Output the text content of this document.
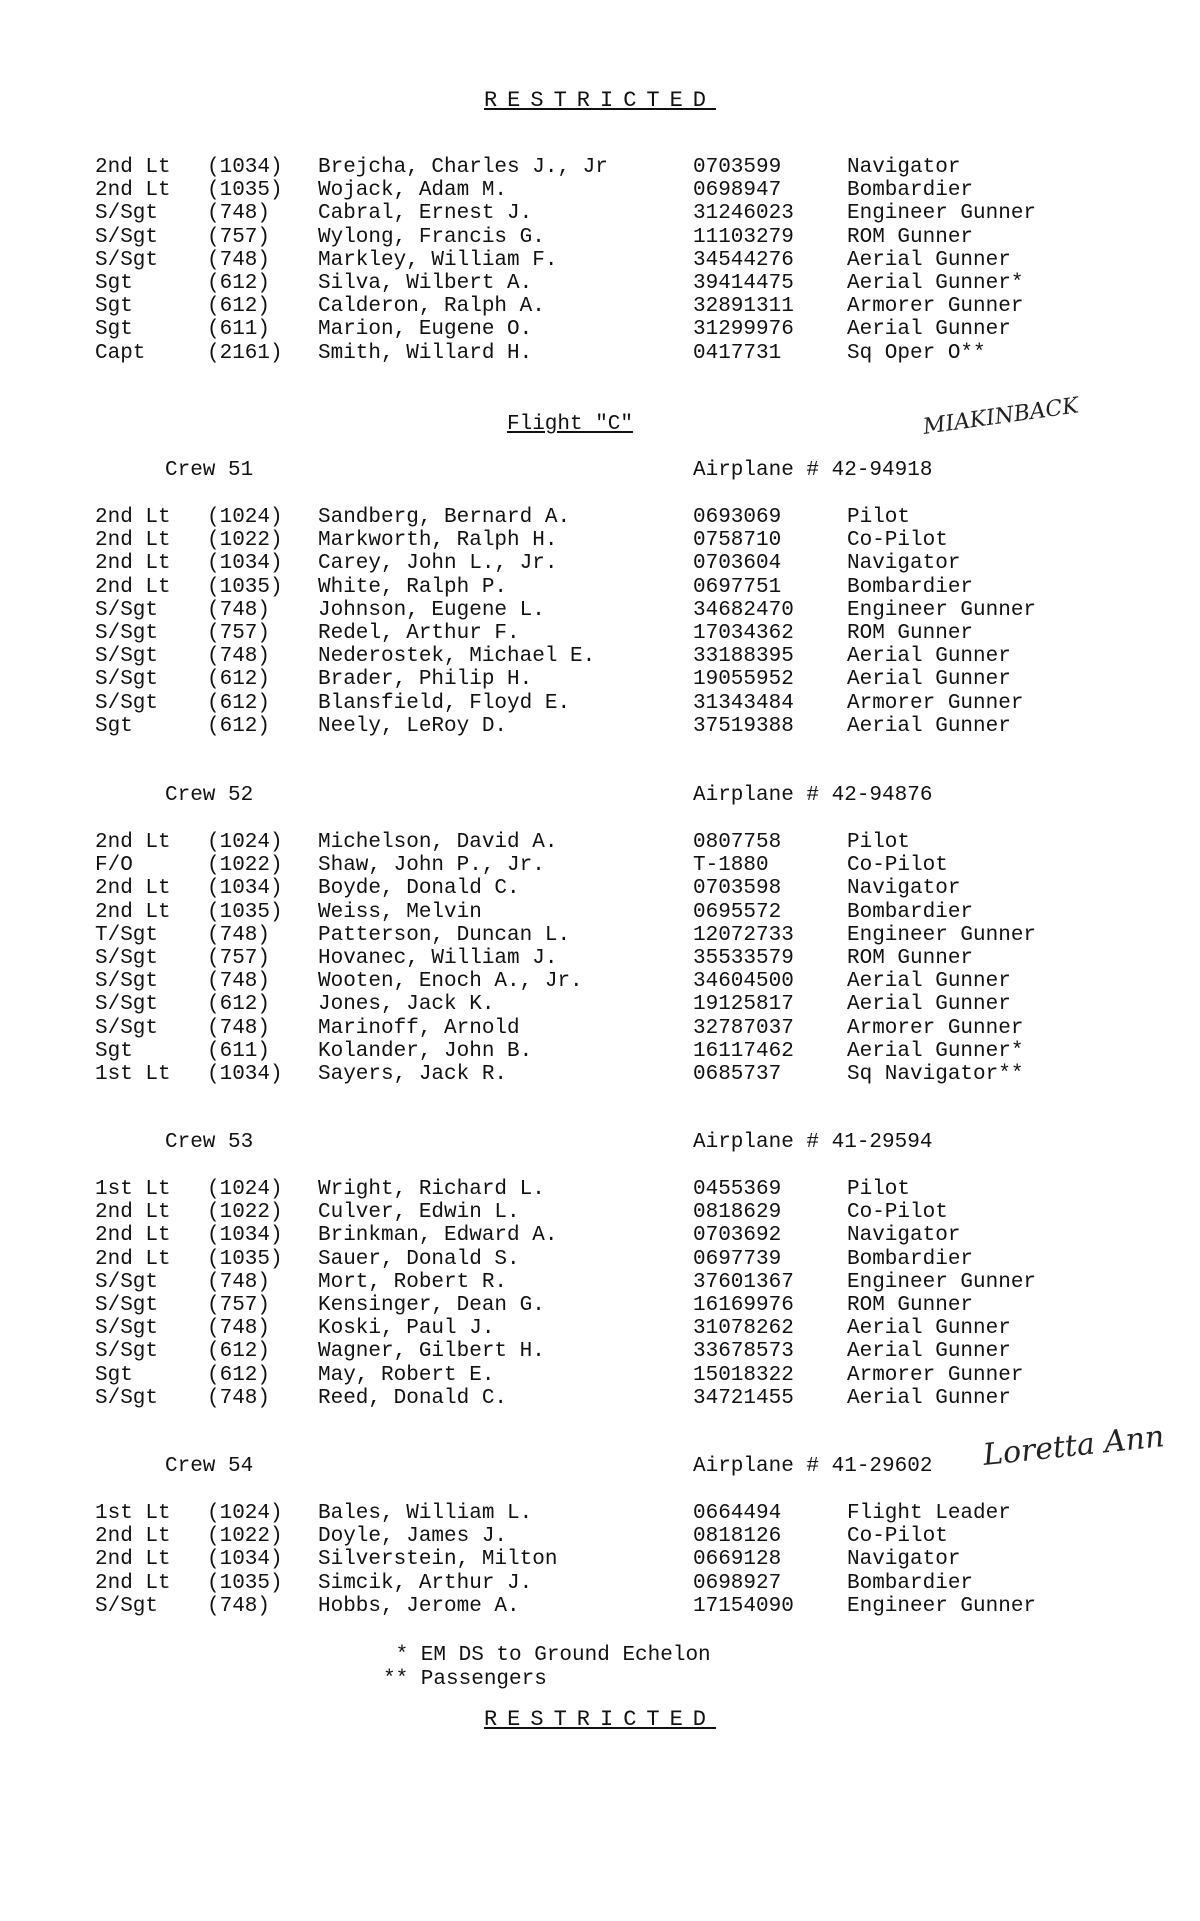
RESTRICTED
2nd Lt (1034) Brejcha, Charles J., Jr	0703599	Navigator
2nd Lt (1035) Wojack, Adam M.	0698947	Bombardier
S/Sgt (748) Cabral, Ernest J.	31246023	Engineer Gunner
S/Sgt (757) Wylong, Francis G.	11103279	ROM Gunner
S/Sgt (748) Markley, William F.	34544276	Aerial Gunner
Sgt	(612) Silva, Wilbert A.	39414475	Aerial Gunner*
Sgt	(612) Calderon, Ralph A.	32891311	Armorer Gunner
Sgt	(611) Marion, Eugene O.	31299976	Aerial Gunner
Capt	(2161) Smith, Willard H.	0417731	Sq Oper O**
Flight "C"
Crew 51	Airplane # 42-94918
MIAKINBACK
2nd Lt (1024) Sandberg, Bernard A.	0693069	Pilot
2nd Lt (1022) Markworth, Ralph H.	0758710	Co-Pilot
2nd Lt (1034) Carey, John L., Jr.	0703604	Navigator
2nd Lt (1035) White, Ralph P.	0697751	Bombardier
S/Sgt (748) Johnson, Eugene L.	34682470	Engineer Gunner
S/Sgt (757) Redel, Arthur F.	17034362	ROM Gunner
S/Sgt (748) Nederostek, Michael E.	33188395	Aerial Gunner
S/Sgt (612) Brader, Philip H.	19055952	Aerial Gunner
S/Sgt (612) Blansfield, Floyd E.	31343484	Armorer Gunner
Sgt	(612) Neely, LeRoy D.	37519388	Aerial Gunner
Crew 52	Airplane # 42-94876
2nd Lt (1024) Michelson, David A.	0807758	Pilot
F/O	(1022) Shaw, John P., Jr.	T-1880	Co-Pilot
2nd Lt (1034) Boyde, Donald C.	0703598	Navigator
2nd Lt (1035) Weiss, Melvin	0695572	Bombardier
T/Sgt (748) Patterson, Duncan L.	12072733	Engineer Gunner
S/Sgt (757) Hovanec, William J.	35533579	ROM Gunner
S/Sgt (748) Wooten, Enoch A., Jr.	34604500	Aerial Gunner
S/Sgt (612) Jones, Jack K.	19125817	Aerial Gunner
S/Sgt (748) Marinoff, Arnold	32787037	Armorer Gunner
Sgt	(611) Kolander, John B.	16117462	Aerial Gunner*
1st Lt (1034) Sayers, Jack R.	0685737	Sq Navigator**
Crew 53	Airplane # 41-29594
1st Lt (1024) Wright, Richard L.	0455369	Pilot
2nd Lt (1022) Culver, Edwin L.	0818629	Co-Pilot
2nd Lt (1034) Brinkman, Edward A.	0703692	Navigator
2nd Lt (1035) Sauer, Donald S.	0697739	Bombardier
S/Sgt (748) Mort, Robert R.	37601367	Engineer Gunner
S/Sgt (757) Kensinger, Dean G.	16169976	ROM Gunner
S/Sgt (748) Koski, Paul J.	31078262	Aerial Gunner
S/Sgt (612) Wagner, Gilbert H.	33678573	Aerial Gunner
Sgt	(612) May, Robert E.	15018322	Armorer Gunner
S/Sgt (748) Reed, Donald C.	34721455	Aerial Gunner
Crew 54	Airplane # 41-29602 Loretta Ann
1st Lt (1024) Bales, William L.	0664494	Flight Leader
2nd Lt (1022) Doyle, James J.	0818126	Co-Pilot
2nd Lt (1034) Silverstein, Milton	0669128	Navigator
2nd Lt (1035) Simcik, Arthur J.	0698927	Bombardier
S/Sgt (748) Hobbs, Jerome A.	17154090	Engineer Gunner
* EM DS to Ground Echelon
** Passengers
RESTRICTED
